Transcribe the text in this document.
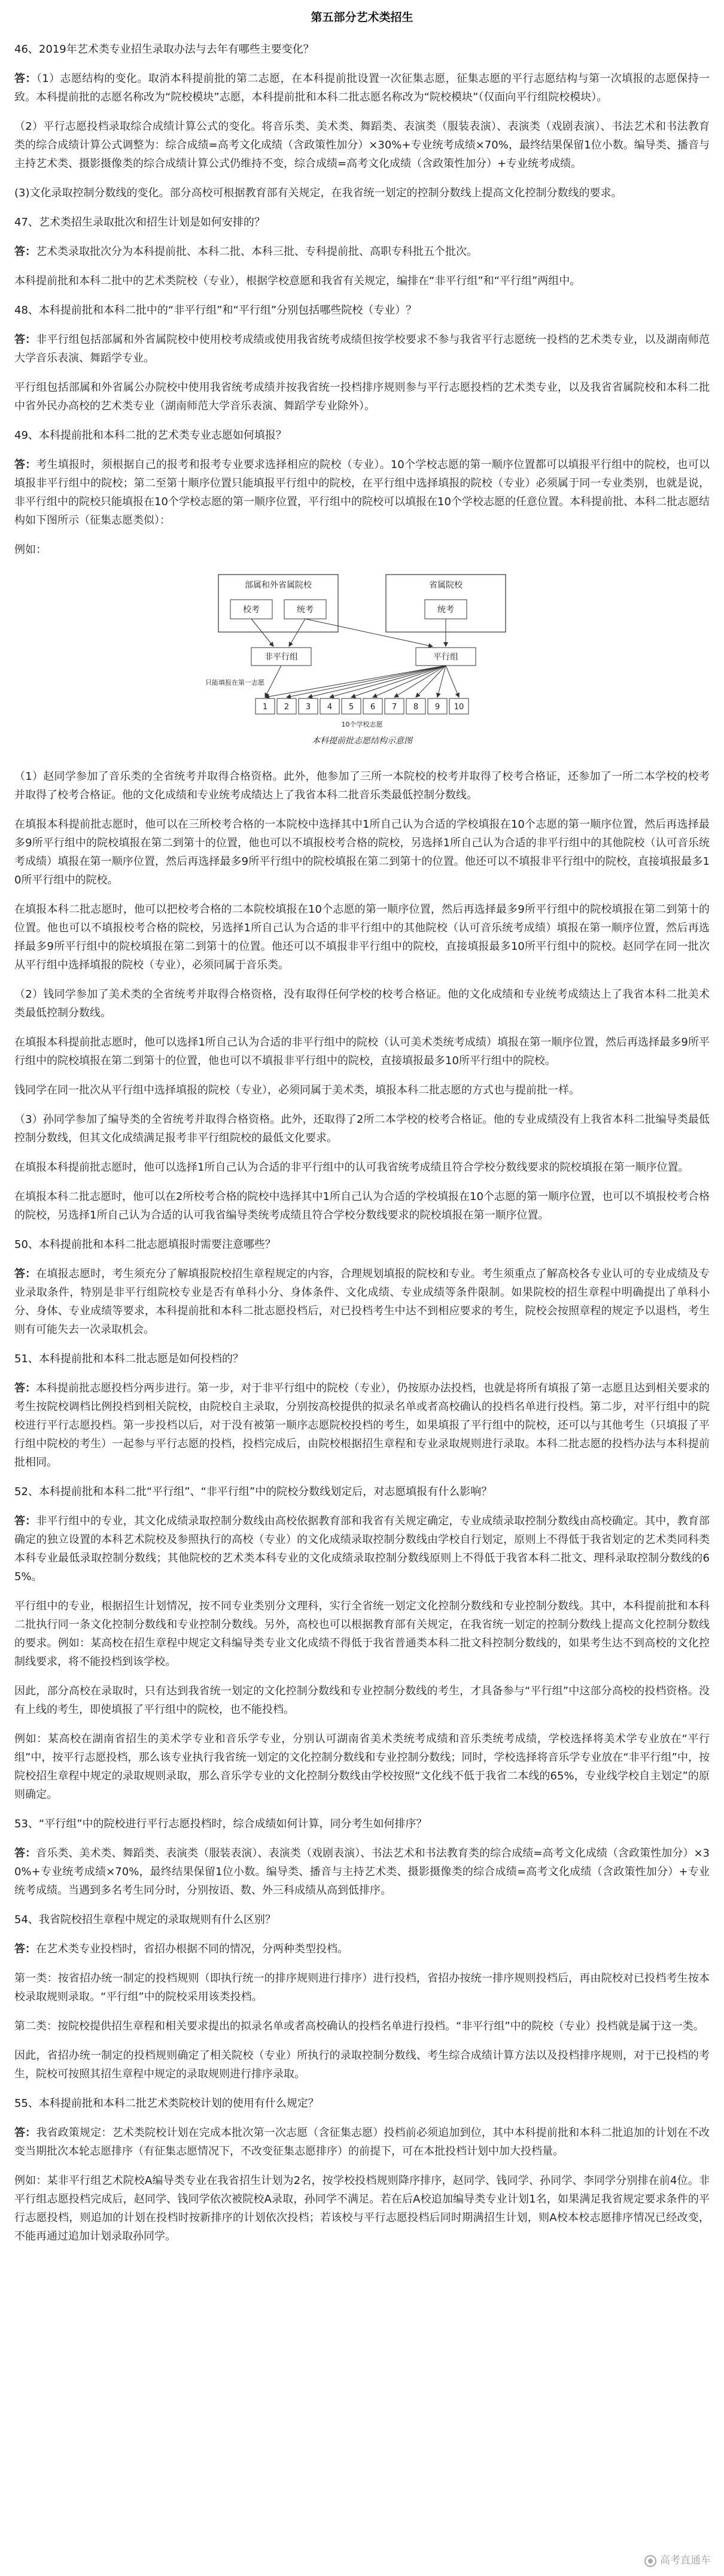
第五部分艺术类招生
46、2019年艺术类专业招生录取办法与去年有哪些主要变化？
答：（1）志愿结构的变化。取消本科提前批的第二志愿，在本科提前批设置一次征集志愿，征集志愿的平行志愿结构与第一次填报的志愿保持一致。本科提前批的志愿名称改为“院校模块”志愿，本科提前批和本科二批志愿名称改为“院校模块”（仅面向平行组院校模块）。
（2）平行志愿投档录取综合成绩计算公式的变化。将音乐类、美术类、舞蹈类、表演类（服装表演）、表演类（戏剧表演）、书法艺术和书法教育类的综合成绩计算公式调整为：综合成绩=高考文化成绩（含政策性加分）×30%+专业统考成绩×70%，最终结果保留1位小数。编导类、播音与主持艺术类、摄影摄像类的综合成绩计算公式仍维持不变，综合成绩=高考文化成绩（含政策性加分）+专业统考成绩。
(3)文化录取控制分数线的变化。部分高校可根据教育部有关规定，在我省统一划定的控制分数线上提高文化控制分数线的要求。
47、艺术类招生录取批次和招生计划是如何安排的？
答：艺术类录取批次分为本科提前批、本科二批、本科三批、专科提前批、高职专科批五个批次。
本科提前批和本科二批中的艺术类院校（专业），根据学校意愿和我省有关规定，编排在“非平行组”和“平行组”两组中。
48、本科提前批和本科二批中的“非平行组”和“平行组”分别包括哪些院校（专业）？
答：非平行组包括部属和外省属院校中使用校考成绩或使用我省统考成绩但按学校要求不参与我省平行志愿统一投档的艺术类专业，以及湖南师范大学音乐表演、舞蹈学专业。
平行组包括部属和外省属公办院校中使用我省统考成绩并按我省统一投档排序规则参与平行志愿投档的艺术类专业，以及我省省属院校和本科二批中省外民办高校的艺术类专业（湖南师范大学音乐表演、舞蹈学专业除外）。
49、本科提前批和本科二批的艺术类专业志愿如何填报？
答：考生填报时，须根据自己的报考和报考专业要求选择相应的院校（专业）。10个学校志愿的第一顺序位置都可以填报平行组中的院校，也可以填报非平行组中的院校；第二至第十顺序位置只能填报平行组中的院校，在平行组中选择填报的院校（专业）必须属于同一专业类别，也就是说，非平行组中的院校只能填报在10个学校志愿的第一顺序位置，平行组中的院校可以填报在10个学校志愿的任意位置。本科提前批、本科二批志愿结构如下图所示（征集志愿类似）：
例如：
部属和外省属院校
校考	统考
省属院校
统考
非平行组	平行组
只能填报在第一志愿
1 2 3 4 5 6 7 8 9 10
10个学校志愿
本科提前批志愿结构示意图
（1）赵同学参加了音乐类的全省统考并取得合格资格。此外，他参加了三所一本院校的校考并取得了校考合格证，还参加了一所二本学校的校考并取得了校考合格证。他的文化成绩和专业统考成绩达上了我省本科二批音乐类最低控制分数线。
在填报本科提前批志愿时，他可以在三所校考合格的一本院校中选择其中1所自己认为合适的学校填报在10个志愿的第一顺序位置，然后再选择最多9所平行组中的院校填报在第二到第十的位置，他也可以不填报校考合格的院校，另选择1所自己认为合适的非平行组中的其他院校（认可音乐统考成绩）填报在第一顺序位置，然后再选择最多9所平行组中的院校填报在第二到第十的位置。他还可以不填报非平行组中的院校，直接填报最多10所平行组中的院校。
在填报本科二批志愿时，他可以把校考合格的二本院校填报在10个志愿的第一顺序位置，然后再选择最多9所平行组中的院校填报在第二到第十的位置。他也可以不填报校考合格的院校，另选择1所自己认为合适的非平行组中的其他院校（认可音乐统考成绩）填报在第一顺序位置，然后再选择最多9所平行组中的院校填报在第二到第十的位置。他还可以不填报非平行组中的院校，直接填报最多10所平行组中的院校。赵同学在同一批次从平行组中选择填报的院校（专业），必须同属于音乐类。
（2）钱同学参加了美术类的全省统考并取得合格资格，没有取得任何学校的校考合格证。他的文化成绩和专业统考成绩达上了我省本科二批美术类最低控制分数线。
在填报本科提前批志愿时，他可以选择1所自己认为合适的非平行组中的院校（认可美术类统考成绩）填报在第一顺序位置，然后再选择最多9所平行组中的院校填报在第二到第十的位置，他也可以不填报非平行组中的院校，直接填报最多10所平行组中的院校。
钱同学在同一批次从平行组中选择填报的院校（专业），必须同属于美术类，填报本科二批志愿的方式也与提前批一样。
（3）孙同学参加了编导类的全省统考并取得合格资格。此外，还取得了2所二本学校的校考合格证。他的专业成绩没有上我省本科二批编导类最低控制分数线，但其文化成绩满足报考非平行组院校的最低文化要求。
在填报本科提前批志愿时，他可以选择1所自己认为合适的非平行组中的认可我省统考成绩且符合学校分数线要求的院校填报在第一顺序位置。
在填报本科二批志愿时，他可以在2所校考合格的院校中选择其中1所自己认为合适的学校填报在10个志愿的第一顺序位置，也可以不填报校考合格的院校，另选择1所自己认为合适的认可我省编导类统考成绩且符合学校分数线要求的院校填报在第一顺序位置。
50、本科提前批和本科二批志愿填报时需要注意哪些？
答：在填报志愿时，考生须充分了解填报院校招生章程规定的内容，合理规划填报的院校和专业。考生须重点了解高校各专业认可的专业成绩及专业录取条件，特别是非平行组院校专业是否有单科小分、身体条件、文化成绩、专业成绩等条件限制。如果院校的招生章程中明确提出了单科小分、身体、专业成绩等要求，本科提前批和本科二批志愿投档后，对已投档考生中达不到相应要求的考生，院校会按照章程的规定予以退档，考生则有可能失去一次录取机会。
51、本科提前批和本科二批志愿是如何投档的？
答：本科提前批志愿投档分两步进行。第一步，对于非平行组中的院校（专业），仍按原办法投档，也就是将所有填报了第一志愿且达到相关要求的考生按院校调档比例投档到相关院校，由院校自主录取，分别按高校提供的拟录名单或者高校确认的投档名单进行投档。第二步，对平行组中的院校进行平行志愿投档。第一步投档以后，对于没有被第一顺序志愿院校投档的考生，如果填报了平行组中的院校，还可以与其他考生（只填报了平行组中院校的考生）一起参与平行志愿的投档，投档完成后，由院校根据招生章程和专业录取规则进行录取。本科二批志愿的投档办法与本科提前批相同。
52、本科提前批和本科二批“平行组”、“非平行组”中的院校分数线划定后，对志愿填报有什么影响？
答：非平行组中的专业，其文化成绩录取控制分数线由高校依据教育部和我省有关规定确定，专业成绩录取控制分数线由高校确定。其中，教育部确定的独立设置的本科艺术院校及参照执行的高校（专业）的文化成绩录取控制分数线由学校自行划定，原则上不得低于我省划定的艺术类同科类本科专业最低录取控制分数线；其他院校的艺术类本科专业的文化成绩录取控制分数线原则上不得低于我省本科二批文、理科录取控制分数线的65%。
平行组中的专业，根据招生计划情况，按不同专业类别分文理科，实行全省统一划定文化控制分数线和专业控制分数线。其中，本科提前批和本科二批执行同一条文化控制分数线和专业控制分数线。另外，高校也可以根据教育部有关规定，在我省统一划定的控制分数线上提高文化控制分数线的要求。例如：某高校在招生章程中规定文科编导类专业文化成绩不得低于我省普通类本科二批文科控制分数线的，如果考生达不到高校的文化控制线要求，将不能投档到该学校。
因此，部分高校在录取时，只有达到我省统一划定的文化控制分数线和专业控制分数线的考生，才具备参与“平行组”中这部分高校的投档资格。没有上线的考生，即使填报了平行组中的院校，也不能投档。
例如：某高校在湖南省招生的美术学专业和音乐学专业，分别认可湖南省美术类统考成绩和音乐类统考成绩，学校选择将美术学专业放在“平行组”中，按平行志愿投档，那么该专业执行我省统一划定的文化控制分数线和专业控制分数线；同时，学校选择将音乐学专业放在“非平行组”中，按院校招生章程中规定的录取规则录取，那么音乐学专业的文化控制分数线由学校按照“文化线不低于我省二本线的65%，专业线学校自主划定”的原则确定。
53、“平行组”中的院校进行平行志愿投档时，综合成绩如何计算，同分考生如何排序？
答：音乐类、美术类、舞蹈类、表演类（服装表演）、表演类（戏剧表演）、书法艺术和书法教育类的综合成绩=高考文化成绩（含政策性加分）×30%+专业统考成绩×70%，最终结果保留1位小数。编导类、播音与主持艺术类、摄影摄像类的综合成绩=高考文化成绩（含政策性加分）+专业统考成绩。当遇到多名考生同分时，分别按语、数、外三科成绩从高到低排序。
54、我省院校招生章程中规定的录取规则有什么区别？
答：在艺术类专业投档时，省招办根据不同的情况，分两种类型投档。
第一类：按省招办统一制定的投档规则（即执行统一的排序规则进行排序）进行投档，省招办按统一排序规则投档后，再由院校对已投档考生按本校录取规则录取。“平行组”中的院校采用该类投档。
第二类：按院校提供招生章程和相关要求提出的拟录名单或者高校确认的投档名单进行投档。“非平行组”中的院校（专业）投档就是属于这一类。
因此，省招办统一制定的投档规则确定了相关院校（专业）所执行的录取控制分数线、考生综合成绩计算方法以及投档排序规则，对于已投档的考生，院校可按照其招生章程中规定的录取规则进行排序录取。
55、本科提前批和本科二批艺术类院校计划的使用有什么规定？
答：我省政策规定：艺术类院校计划在完成本批次第一次志愿（含征集志愿）投档前必须追加到位，其中本科提前批和本科二批追加的计划在不改变当期批次本轮志愿排序（有征集志愿情况下，不改变征集志愿排序）的前提下，可在本批投档计划中加大投档量。
例如：某非平行组艺术院校A编导类专业在我省招生计划为2名，按学校投档规则降序排序，赵同学、钱同学、孙同学、李同学分别排在前4位。非平行组志愿投档完成后，赵同学、钱同学依次被院校A录取，孙同学不满足。若在后A校追加编导类专业计划1名，如果满足我省规定要求条件的平行志愿投档，则追加的计划在投档时按新排序的计划依次投档；若该校与平行志愿投档后同时期满招生计划，则A校本校志愿排序情况已经改变，不能再通过追加计划录取孙同学。
高考直通车
